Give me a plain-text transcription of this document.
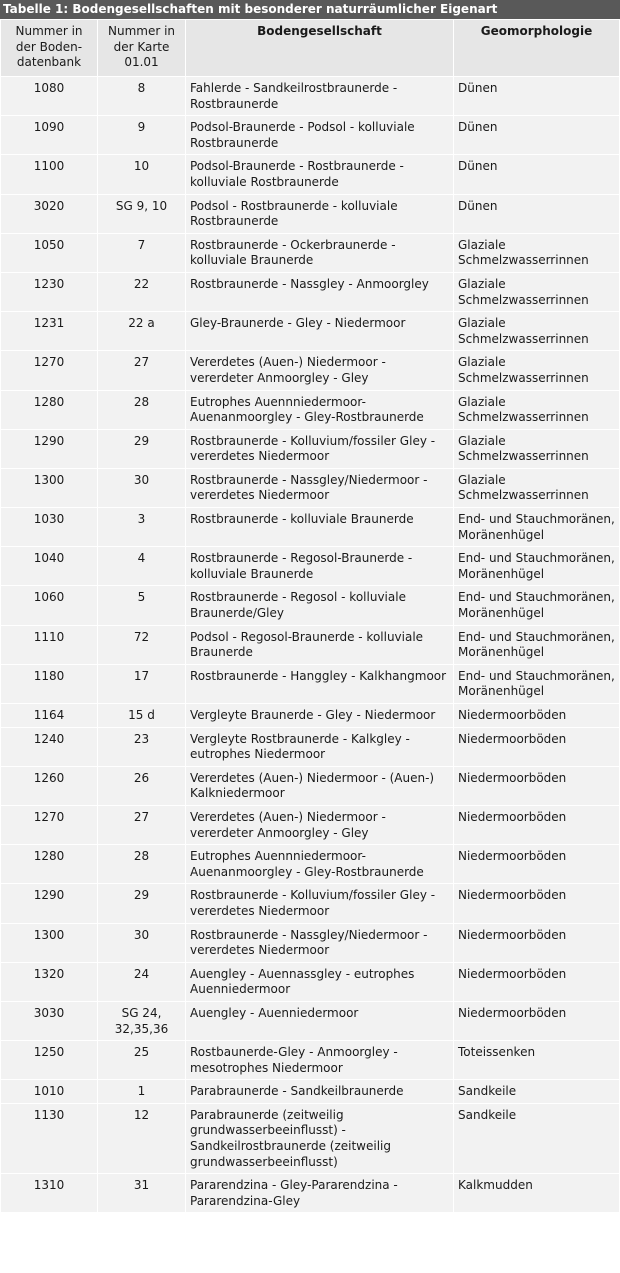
Tabelle 1: Bodengesellschaften mit besonderer naturräumlicher Eigenart
Nummer in der Boden-datenbank	Nummer in der Karte 01.01	Bodengesellschaft	Geomorphologie
1080	8	Fahlerde - Sandkeilrostbraunerde - Rostbraunerde	Dünen
1090	9	Podsol-Braunerde - Podsol - kolluviale Rostbraunerde	Dünen
1100	10	Podsol-Braunerde - Rostbraunerde - kolluviale Rostbraunerde	Dünen
3020	SG 9, 10	Podsol - Rostbraunerde - kolluviale Rostbraunerde	Dünen
1050	7	Rostbraunerde - Ockerbraunerde -kolluviale Braunerde	Glaziale Schmelzwasserrinnen
1230	22	Rostbraunerde - Nassgley - Anmoorgley	Glaziale Schmelzwasserrinnen
1231	22 a	Gley-Braunerde - Gley - Niedermoor	Glaziale Schmelzwasserrinnen
1270	27	Vererdetes (Auen-) Niedermoor - vererdeter Anmoorgley - Gley	Glaziale Schmelzwasserrinnen
1280	28	Eutrophes Auennniedermoor-Auenanmoorgley - Gley-Rostbraunerde	Glaziale Schmelzwasserrinnen
1290	29	Rostbraunerde - Kolluvium/fossiler Gley - vererdetes Niedermoor	Glaziale Schmelzwasserrinnen
1300	30	Rostbraunerde - Nassgley/Niedermoor - vererdetes Niedermoor	Glaziale Schmelzwasserrinnen
1030	3	Rostbraunerde - kolluviale Braunerde	End- und Stauchmoränen, Moränenhügel
1040	4	Rostbraunerde - Regosol-Braunerde - kolluviale Braunerde	End- und Stauchmoränen, Moränenhügel
1060	5	Rostbraunerde - Regosol - kolluviale Braunerde/Gley	End- und Stauchmoränen, Moränenhügel
1110	72	Podsol - Regosol-Braunerde - kolluviale Braunerde	End- und Stauchmoränen, Moränenhügel
1180	17	Rostbraunerde - Hanggley - Kalkhangmoor	End- und Stauchmoränen, Moränenhügel
1164	15 d	Vergleyte Braunerde - Gley - Niedermoor	Niedermoorböden
1240	23	Vergleyte Rostbraunerde - Kalkgley - eutrophes Niedermoor	Niedermoorböden
1260	26	Vererdetes (Auen-) Niedermoor - (Auen-) Kalkniedermoor	Niedermoorböden
1270	27	Vererdetes (Auen-) Niedermoor - vererdeter Anmoorgley - Gley	Niedermoorböden
1280	28	Eutrophes Auennniedermoor-Auenanmoorgley - Gley-Rostbraunerde	Niedermoorböden
1290	29	Rostbraunerde - Kolluvium/fossiler Gley - vererdetes Niedermoor	Niedermoorböden
1300	30	Rostbraunerde - Nassgley/Niedermoor - vererdetes Niedermoor	Niedermoorböden
1320	24	Auengley - Auennassgley - eutrophes Auenniedermoor	Niedermoorböden
3030	SG 24, 32,35,36	Auengley - Auenniedermoor	Niedermoorböden
1250	25	Rostbaunerde-Gley - Anmoorgley - mesotrophes Niedermoor	Toteissenken
1010	1	Parabraunerde - Sandkeilbraunerde	Sandkeile
1130	12	Parabraunerde (zeitweilig grundwasserbeeinflusst) - Sandkeilrostbraunerde (zeitweilig grundwasserbeeinflusst)	Sandkeile
1310	31	Pararendzina - Gley-Pararendzina - Pararendzina-Gley	Kalkmudden
